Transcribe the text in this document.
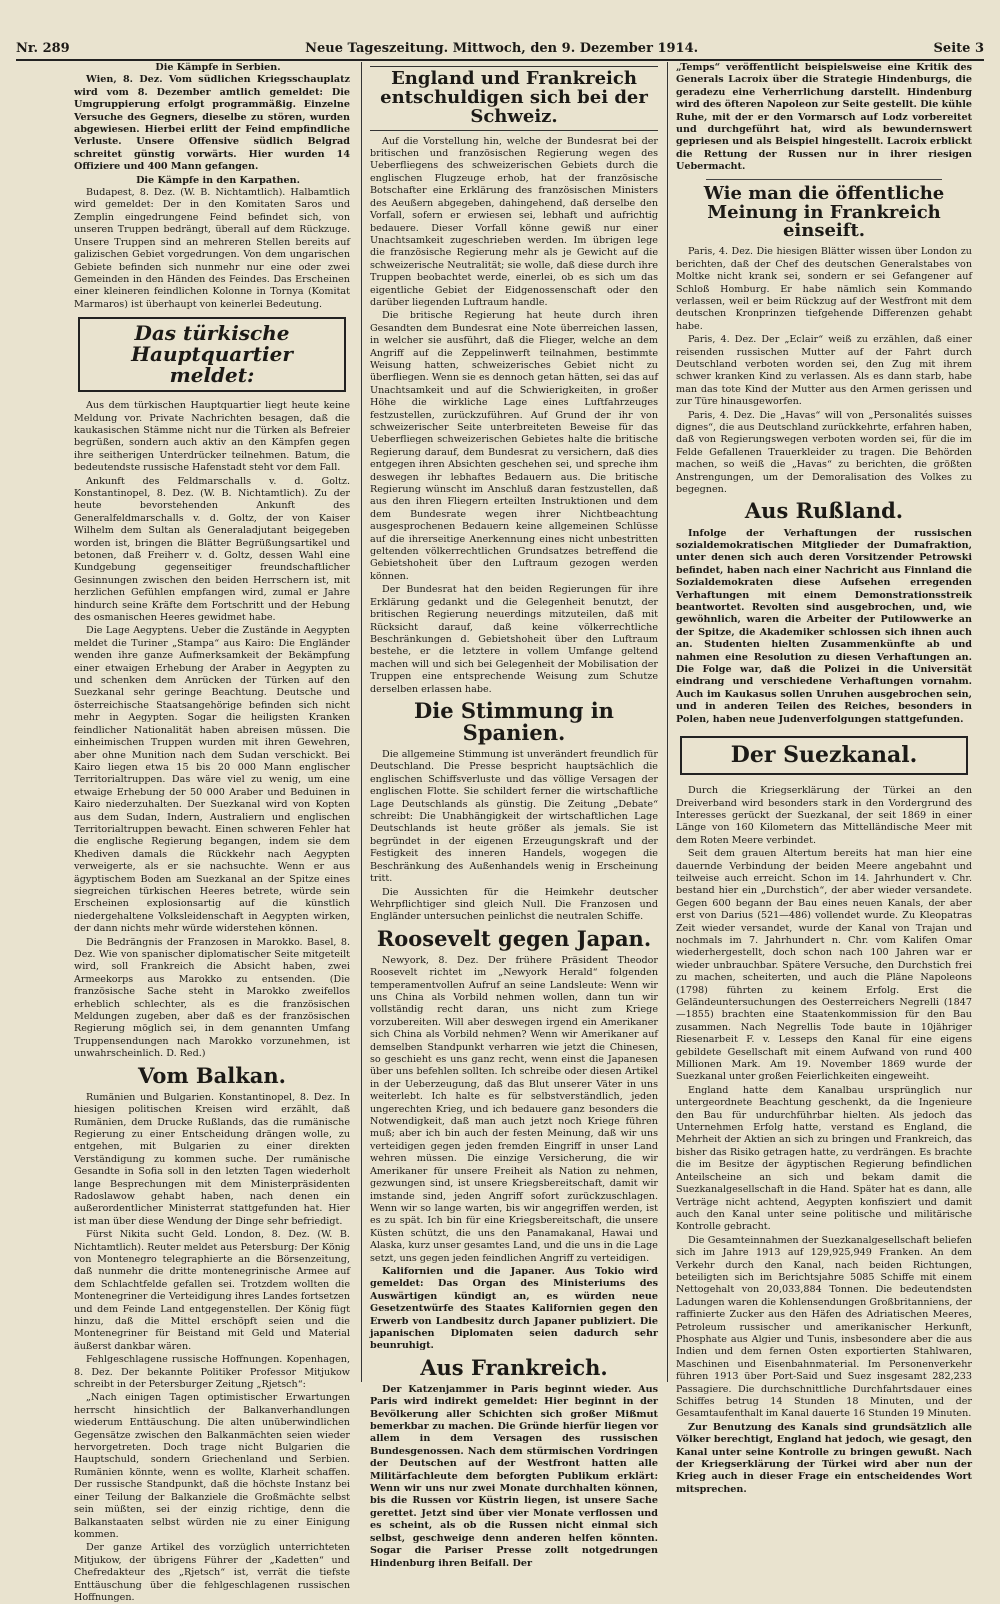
Nr. 289	Neue Tageszeitung. Mittwoch, den 9. Dezember 1914.	Seite 3

Die Kämpfe in Serbien.

Wien, 8. Dez. Vom südlichen Kriegsschauplatz wird vom 8. Dezember amtlich gemeldet: Die Umgruppierung erfolgt programmäßig. Einzelne Versuche des Gegners, dieselbe zu stören, wurden abgewiesen. Hierbei erlitt der Feind empfindliche Verluste. Unsere Offensive südlich Belgrad schreitet günstig vorwärts. Hier wurden 14 Offiziere und 400 Mann gefangen.

Die Kämpfe in den Karpathen.

Budapest, 8. Dez. (W. B. Nichtamtlich). Halbamtlich wird gemeldet: Der in den Komitaten Saros und Zemplin eingedrungene Feind befindet sich, von unseren Truppen bedrängt, überall auf dem Rückzuge. Unsere Truppen sind an mehreren Stellen bereits auf galizischen Gebiet vorgedrungen. Von dem ungarischen Gebiete befinden sich nunmehr nur eine oder zwei Gemeinden in den Händen des Feindes. Das Erscheinen einer kleineren feindlichen Kolonne in Tornya (Komitat Marmaros) ist überhaupt von keinerlei Bedeutung.

Das türkische Hauptquartier meldet:

Aus dem türkischen Hauptquartier liegt heute keine Meldung vor. Private Nachrichten besagen, daß die kaukasischen Stämme nicht nur die Türken als Befreier begrüßen, sondern auch aktiv an den Kämpfen gegen ihre seitherigen Unterdrücker teilnehmen. Batum, die bedeutendste russische Hafenstadt steht vor dem Fall.

Ankunft des Feldmarschalls v. d. Goltz. Konstantinopel, 8. Dez. (W. B. Nichtamtlich). Zu der heute bevorstehenden Ankunft des Generalfeldmarschalls v. d. Goltz, der von Kaiser Wilhelm dem Sultan als Generaladjutant beigegeben worden ist, bringen die Blätter Begrüßungsartikel und betonen, daß Freiherr v. d. Goltz, dessen Wahl eine Kundgebung gegenseitiger freundschaftlicher Gesinnungen zwischen den beiden Herrschern ist, mit herzlichen Gefühlen empfangen wird, zumal er Jahre hindurch seine Kräfte dem Fortschritt und der Hebung des osmanischen Heeres gewidmet habe.

Die Lage Aegyptens. Ueber die Zustände in Aegypten meldet die Turiner „Stampa“ aus Kairo: Die Engländer wenden ihre ganze Aufmerksamkeit der Bekämpfung einer etwaigen Erhebung der Araber in Aegypten zu und schenken dem Anrücken der Türken auf den Suezkanal sehr geringe Beachtung. Deutsche und österreichische Staatsangehörige befinden sich nicht mehr in Aegypten. Sogar die heiligsten Kranken feindlicher Nationalität haben abreisen müssen. Die einheimischen Truppen wurden mit ihren Gewehren, aber ohne Munition nach dem Sudan verschickt. Bei Kairo liegen etwa 15 bis 20 000 Mann englischer Territorialtruppen. Das wäre viel zu wenig, um eine etwaige Erhebung der 50 000 Araber und Beduinen in Kairo niederzuhalten. Der Suezkanal wird von Kopten aus dem Sudan, Indern, Australiern und englischen Territorialtruppen bewacht. Einen schweren Fehler hat die englische Regierung begangen, indem sie dem Khediven damals die Rückkehr nach Aegypten verweigerte, als er sie nachsuchte. Wenn er aus ägyptischem Boden am Suezkanal an der Spitze eines siegreichen türkischen Heeres betrete, würde sein Erscheinen explosionsartig auf die künstlich niedergehaltene Volksleidenschaft in Aegypten wirken, der dann nichts mehr würde widerstehen können.

Die Bedrängnis der Franzosen in Marokko. Basel, 8. Dez. Wie von spanischer diplomatischer Seite mitgeteilt wird, soll Frankreich die Absicht haben, zwei Armeekorps aus Marokko zu entsenden. (Die französische Sache steht in Marokko zweifellos erheblich schlechter, als es die französischen Meldungen zugeben, aber daß es der französischen Regierung möglich sei, in dem genannten Umfang Truppensendungen nach Marokko vorzunehmen, ist unwahrscheinlich. D. Red.)

Vom Balkan.

Rumänien und Bulgarien. Konstantinopel, 8. Dez. In hiesigen politischen Kreisen wird erzählt, daß Rumänien, dem Drucke Rußlands, das die rumänische Regierung zu einer Entscheidung drängen wolle, zu entgehen, mit Bulgarien zu einer direkten Verständigung zu kommen suche. Der rumänische Gesandte in Sofia soll in den letzten Tagen wiederholt lange Besprechungen mit dem Ministerpräsidenten Radoslawow gehabt haben, nach denen ein außerordentlicher Ministerrat stattgefunden hat. Hier ist man über diese Wendung der Dinge sehr befriedigt.

Fürst Nikita sucht Geld. London, 8. Dez. (W. B. Nichtamtlich). Reuter meldet aus Petersburg: Der König von Montenegro telegraphierte an die Börsenzeitung, daß nunmehr die dritte montenegrinische Armee auf dem Schlachtfelde gefallen sei. Trotzdem wollten die Montenegriner die Verteidigung ihres Landes fortsetzen und dem Feinde Land entgegenstellen. Der König fügt hinzu, daß die Mittel erschöpft seien und die Montenegriner für Beistand mit Geld und Material äußerst dankbar wären.

Fehlgeschlagene russische Hoffnungen. Kopenhagen, 8. Dez. Der bekannte Politiker Professor Mitjukow schreibt in der Petersburger Zeitung „Rjetsch“:

„Nach einigen Tagen optimistischer Erwartungen herrscht hinsichtlich der Balkanverhandlungen wiederum Enttäuschung. Die alten unüberwindlichen Gegensätze zwischen den Balkanmächten seien wieder hervorgetreten. Doch trage nicht Bulgarien die Hauptschuld, sondern Griechenland und Serbien. Rumänien könnte, wenn es wollte, Klarheit schaffen. Der russische Standpunkt, daß die höchste Instanz bei einer Teilung der Balkanziele die Großmächte selbst sein müßten, sei der einzig richtige, denn die Balkanstaaten selbst würden nie zu einer Einigung kommen.

Der ganze Artikel des vorzüglich unterrichteten Mitjukow, der übrigens Führer der „Kadetten“ und Chefredakteur des „Rjetsch“ ist, verrät die tiefste Enttäuschung über die fehlgeschlagenen russischen Hoffnungen.

England und Frankreich entschuldigen sich bei der Schweiz.

Auf die Vorstellung hin, welche der Bundesrat bei der britischen und französischen Regierung wegen des Ueberfliegens des schweizerischen Gebiets durch die englischen Flugzeuge erhob, hat der französische Botschafter eine Erklärung des französischen Ministers des Aeußern abgegeben, dahingehend, daß derselbe den Vorfall, sofern er erwiesen sei, lebhaft und aufrichtig bedauere. Dieser Vorfall könne gewiß nur einer Unachtsamkeit zugeschrieben werden. Im übrigen lege die französische Regierung mehr als je Gewicht auf die schweizerische Neutralität; sie wolle, daß diese durch ihre Truppen beobachtet werde, einerlei, ob es sich um das eigentliche Gebiet der Eidgenossenschaft oder den darüber liegenden Luftraum handle.

Die britische Regierung hat heute durch ihren Gesandten dem Bundesrat eine Note überreichen lassen, in welcher sie ausführt, daß die Flieger, welche an dem Angriff auf die Zeppelinwerft teilnahmen, bestimmte Weisung hatten, schweizerisches Gebiet nicht zu überfliegen. Wenn sie es dennoch getan hätten, sei das auf Unachtsamkeit und auf die Schwierigkeiten, in großer Höhe die wirkliche Lage eines Luftfahrzeuges festzustellen, zurückzuführen. Auf Grund der ihr von schweizerischer Seite unterbreiteten Beweise für das Ueberfliegen schweizerischen Gebietes halte die britische Regierung darauf, dem Bundesrat zu versichern, daß dies entgegen ihren Absichten geschehen sei, und spreche ihm deswegen ihr lebhaftes Bedauern aus. Die britische Regierung wünscht im Anschluß daran festzustellen, daß aus den ihren Fliegern erteilten Instruktionen und dem dem Bundesrate wegen ihrer Nichtbeachtung ausgesprochenen Bedauern keine allgemeinen Schlüsse auf die ihrerseitige Anerkennung eines nicht unbestritten geltenden völkerrechtlichen Grundsatzes betreffend die Gebietshoheit über den Luftraum gezogen werden können.

Der Bundesrat hat den beiden Regierungen für ihre Erklärung gedankt und die Gelegenheit benutzt, der britischen Regierung neuerdings mitzuteilen, daß mit Rücksicht darauf, daß keine völkerrechtliche Beschränkungen d. Gebietshoheit über den Luftraum bestehe, er die letztere in vollem Umfange geltend machen will und sich bei Gelegenheit der Mobilisation der Truppen eine entsprechende Weisung zum Schutze derselben erlassen habe.

Die Stimmung in Spanien.

Die allgemeine Stimmung ist unverändert freundlich für Deutschland. Die Presse bespricht hauptsächlich die englischen Schiffsverluste und das völlige Versagen der englischen Flotte. Sie schildert ferner die wirtschaftliche Lage Deutschlands als günstig. Die Zeitung „Debate“ schreibt: Die Unabhängigkeit der wirtschaftlichen Lage Deutschlands ist heute größer als jemals. Sie ist begründet in der eigenen Erzeugungskraft und der Festigkeit des inneren Handels, wogegen die Beschränkung des Außenhandels wenig in Erscheinung tritt.

Die Aussichten für die Heimkehr deutscher Wehrpflichtiger sind gleich Null. Die Franzosen und Engländer untersuchen peinlichst die neutralen Schiffe.

Roosevelt gegen Japan.

Newyork, 8. Dez. Der frühere Präsident Theodor Roosevelt richtet im „Newyork Herald“ folgenden temperamentvollen Aufruf an seine Landsleute: Wenn wir uns China als Vorbild nehmen wollen, dann tun wir vollständig recht daran, uns nicht zum Kriege vorzubereiten. Will aber deswegen irgend ein Amerikaner sich China als Vorbild nehmen? Wenn wir Amerikaner auf demselben Standpunkt verharren wie jetzt die Chinesen, so geschieht es uns ganz recht, wenn einst die Japanesen über uns befehlen sollten. Ich schreibe oder diesen Artikel in der Ueberzeugung, daß das Blut unserer Väter in uns weiterlebt. Ich halte es für selbstverständlich, jeden ungerechten Krieg, und ich bedauere ganz besonders die Notwendigkeit, daß man auch jetzt noch Kriege führen muß; aber ich bin auch der festen Meinung, daß wir uns verteidigen gegen jeden fremden Eingriff in unser Land wehren müssen. Die einzige Versicherung, die wir Amerikaner für unsere Freiheit als Nation zu nehmen, gezwungen sind, ist unsere Kriegsbereitschaft, damit wir imstande sind, jeden Angriff sofort zurückzuschlagen. Wenn wir so lange warten, bis wir angegriffen werden, ist es zu spät. Ich bin für eine Kriegsbereitschaft, die unsere Küsten schützt, die uns den Panamakanal, Hawai und Alaska, kurz unser gesamtes Land, und die uns in die Lage setzt, uns gegen jeden feindlichen Angriff zu verteidigen.

Kalifornien und die Japaner. Aus Tokio wird gemeldet: Das Organ des Ministeriums des Auswärtigen kündigt an, es würden neue Gesetzentwürfe des Staates Kalifornien gegen den Erwerb von Landbesitz durch Japaner publiziert. Die japanischen Diplomaten seien dadurch sehr beunruhigt.

Aus Frankreich.

Der Katzenjammer in Paris beginnt wieder. Aus Paris wird indirekt gemeldet: Hier beginnt in der Bevölkerung aller Schichten sich großer Mißmut bemerkbar zu machen. Die Gründe hierfür liegen vor allem in dem Versagen des russischen Bundesgenossen. Nach dem stürmischen Vordringen der Deutschen auf der Westfront hatten alle Militärfachleute dem beforgten Publikum erklärt: Wenn wir uns nur zwei Monate durchhalten können, bis die Russen vor Küstrin liegen, ist unsere Sache gerettet. Jetzt sind über vier Monate verflossen und es scheint, als ob die Russen nicht einmal sich selbst, geschweige denn anderen helfen könnten. Sogar die Pariser Presse zollt notgedrungen Hindenburg ihren Beifall. Der

„Temps“ veröffentlicht beispielsweise eine Kritik des Generals Lacroix über die Strategie Hindenburgs, die geradezu eine Verherrlichung darstellt. Hindenburg wird des öfteren Napoleon zur Seite gestellt. Die kühle Ruhe, mit der er den Vormarsch auf Lodz vorbereitet und durchgeführt hat, wird als bewundernswert gepriesen und als Beispiel hingestellt. Lacroix erblickt die Rettung der Russen nur in ihrer riesigen Uebermacht.

Wie man die öffentliche Meinung in Frankreich einseift.

Paris, 4. Dez. Die hiesigen Blätter wissen über London zu berichten, daß der Chef des deutschen Generalstabes von Moltke nicht krank sei, sondern er sei Gefangener auf Schloß Homburg. Er habe nämlich sein Kommando verlassen, weil er beim Rückzug auf der Westfront mit dem deutschen Kronprinzen tiefgehende Differenzen gehabt habe.

Paris, 4. Dez. Der „Eclair“ weiß zu erzählen, daß einer reisenden russischen Mutter auf der Fahrt durch Deutschland verboten worden sei, den Zug mit ihrem schwer kranken Kind zu verlassen. Als es dann starb, habe man das tote Kind der Mutter aus den Armen gerissen und zur Türe hinausgeworfen.

Paris, 4. Dez. Die „Havas“ will von „Personalités suisses dignes“, die aus Deutschland zurückkehrte, erfahren haben, daß von Regierungswegen verboten worden sei, für die im Felde Gefallenen Trauerkleider zu tragen. Die Behörden machen, so weiß die „Havas“ zu berichten, die größten Anstrengungen, um der Demoralisation des Volkes zu begegnen.

Aus Rußland.

Infolge der Verhaftungen der russischen sozialdemokratischen Mitglieder der Dumafraktion, unter denen sich auch deren Vorsitzender Petrowski befindet, haben nach einer Nachricht aus Finnland die Sozialdemokraten diese Aufsehen erregenden Verhaftungen mit einem Demonstrationsstreik beantwortet. Revolten sind ausgebrochen, und, wie gewöhnlich, waren die Arbeiter der Putilowwerke an der Spitze, die Akademiker schlossen sich ihnen auch an. Studenten hielten Zusammenkünfte ab und nahmen eine Resolution zu diesen Verhaftungen an. Die Folge war, daß die Polizei in die Universität eindrang und verschiedene Verhaftungen vornahm. Auch im Kaukasus sollen Unruhen ausgebrochen sein, und in anderen Teilen des Reiches, besonders in Polen, haben neue Judenverfolgungen stattgefunden.

Der Suezkanal.

Durch die Kriegserklärung der Türkei an den Dreiverband wird besonders stark in den Vordergrund des Interesses gerückt der Suezkanal, der seit 1869 in einer Länge von 160 Kilometern das Mittelländische Meer mit dem Roten Meere verbindet.

Seit dem grauen Altertum bereits hat man hier eine dauernde Verbindung der beiden Meere angebahnt und teilweise auch erreicht. Schon im 14. Jahrhundert v. Chr. bestand hier ein „Durchstich“, der aber wieder versandete. Gegen 600 begann der Bau eines neuen Kanals, der aber erst von Darius (521—486) vollendet wurde. Zu Kleopatras Zeit wieder versandet, wurde der Kanal von Trajan und nochmals im 7. Jahrhundert n. Chr. vom Kalifen Omar wiederhergestellt, doch schon nach 100 Jahren war er wieder unbrauchbar. Spätere Versuche, den Durchstich frei zu machen, scheiterten, und auch die Pläne Napoleons (1798) führten zu keinem Erfolg. Erst die Geländeuntersuchungen des Oesterreichers Negrelli (1847—1855) brachten eine Staatenkommission für den Bau zusammen. Nach Negrellis Tode baute in 10jähriger Riesenarbeit F. v. Lesseps den Kanal für eine eigens gebildete Gesellschaft mit einem Aufwand von rund 400 Millionen Mark. Am 19. November 1869 wurde der Suezkanal unter großen Feierlichkeiten eingeweiht.

England hatte dem Kanalbau ursprünglich nur untergeordnete Beachtung geschenkt, da die Ingenieure den Bau für undurchführbar hielten. Als jedoch das Unternehmen Erfolg hatte, verstand es England, die Mehrheit der Aktien an sich zu bringen und Frankreich, das bisher das Risiko getragen hatte, zu verdrängen. Es brachte die im Besitze der ägyptischen Regierung befindlichen Anteilscheine an sich und bekam damit die Suezkanalgesellschaft in die Hand. Später hat es dann, alle Verträge nicht achtend, Aegypten konfisziert und damit auch den Kanal unter seine politische und militärische Kontrolle gebracht.

Die Gesamteinnahmen der Suezkanalgesellschaft beliefen sich im Jahre 1913 auf 129,925,949 Franken. An dem Verkehr durch den Kanal, nach beiden Richtungen, beteiligten sich im Berichtsjahre 5085 Schiffe mit einem Nettogehalt von 20,033,884 Tonnen. Die bedeutendsten Ladungen waren die Kohlensendungen Großbritanniens, der raffinierte Zucker aus den Häfen des Adriatischen Meeres, Petroleum russischer und amerikanischer Herkunft, Phosphate aus Algier und Tunis, insbesondere aber die aus Indien und dem fernen Osten exportierten Stahlwaren, Maschinen und Eisenbahnmaterial. Im Personenverkehr führen 1913 über Port-Said und Suez insgesamt 282,233 Passagiere. Die durchschnittliche Durchfahrtsdauer eines Schiffes betrug 14 Stunden 18 Minuten, und der Gesamtaufenthalt im Kanal dauerte 16 Stunden 19 Minuten.

Zur Benutzung des Kanals sind grundsätzlich alle Völker berechtigt, England hat jedoch, wie gesagt, den Kanal unter seine Kontrolle zu bringen gewußt. Nach der Kriegserklärung der Türkei wird aber nun der Krieg auch in dieser Frage ein entscheidendes Wort mitsprechen.
